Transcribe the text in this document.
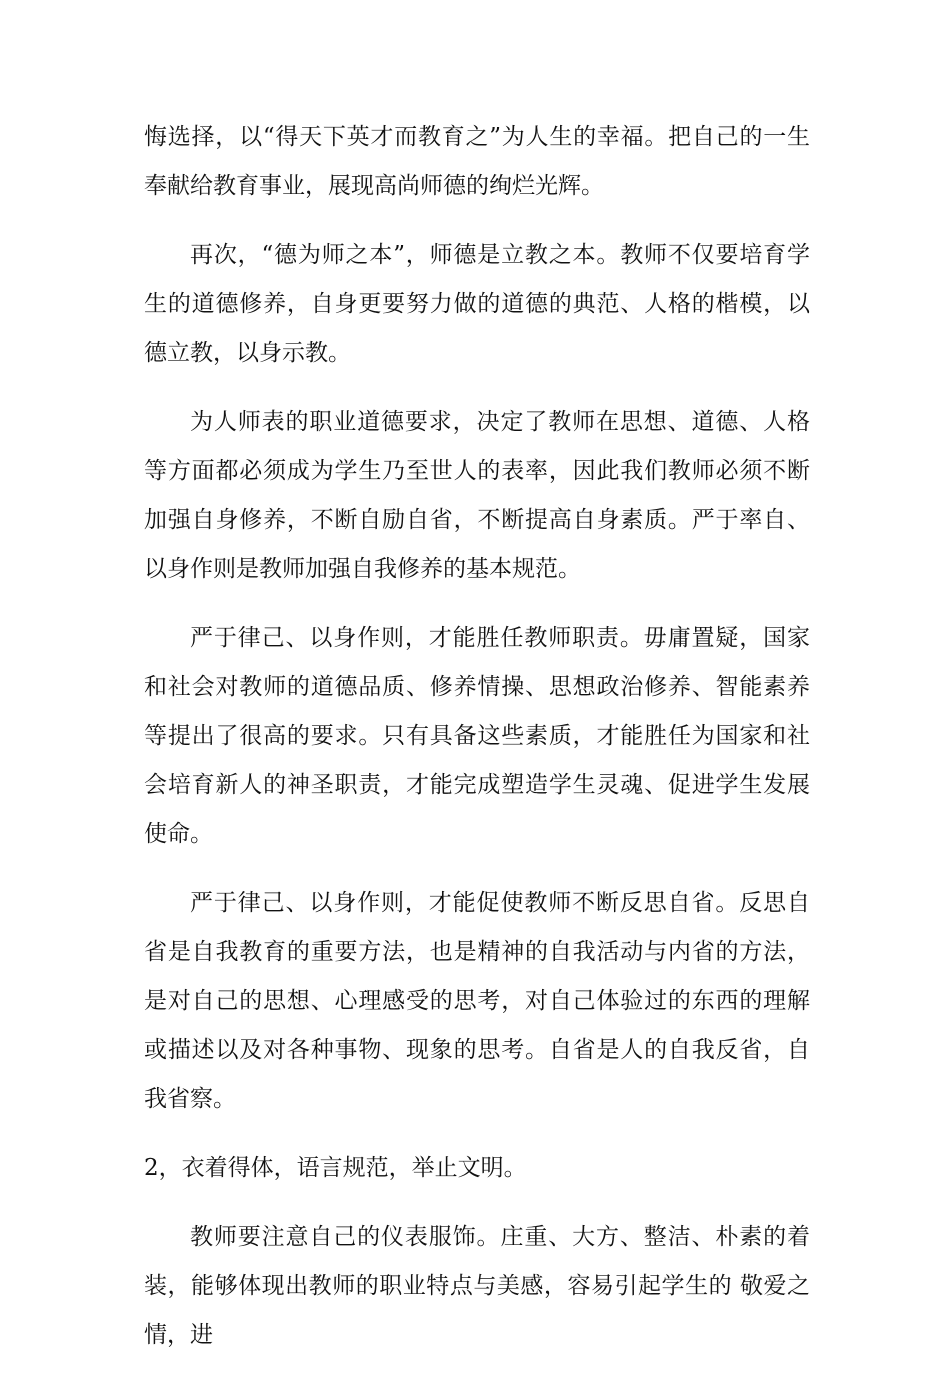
悔选择，以“得天下英才而教育之”为人生的幸福。把自己的一生奉献给教育事业，展现高尚师德的绚烂光辉。

再次，“德为师之本”，师德是立教之本。教师不仅要培育学生的道德修养，自身更要努力做的道德的典范、人格的楷模，以德立教，以身示教。

为人师表的职业道德要求，决定了教师在思想、道德、人格等方面都必须成为学生乃至世人的表率，因此我们教师必须不断加强自身修养，不断自励自省，不断提高自身素质。严于率自、以身作则是教师加强自我修养的基本规范。

严于律己、以身作则，才能胜任教师职责。毋庸置疑，国家和社会对教师的道德品质、修养情操、思想政治修养、智能素养等提出了很高的要求。只有具备这些素质，才能胜任为国家和社会培育新人的神圣职责，才能完成塑造学生灵魂、促进学生发展使命。

严于律己、以身作则，才能促使教师不断反思自省。反思自省是自我教育的重要方法，也是精神的自我活动与内省的方法，是对自己的思想、心理感受的思考，对自己体验过的东西的理解或描述以及对各种事物、现象的思考。自省是人的自我反省，自我省察。

2，衣着得体，语言规范，举止文明。

教师要注意自己的仪表服饰。庄重、大方、整洁、朴素的着装，能够体现出教师的职业特点与美感，容易引起学生的 敬爱之情，进
